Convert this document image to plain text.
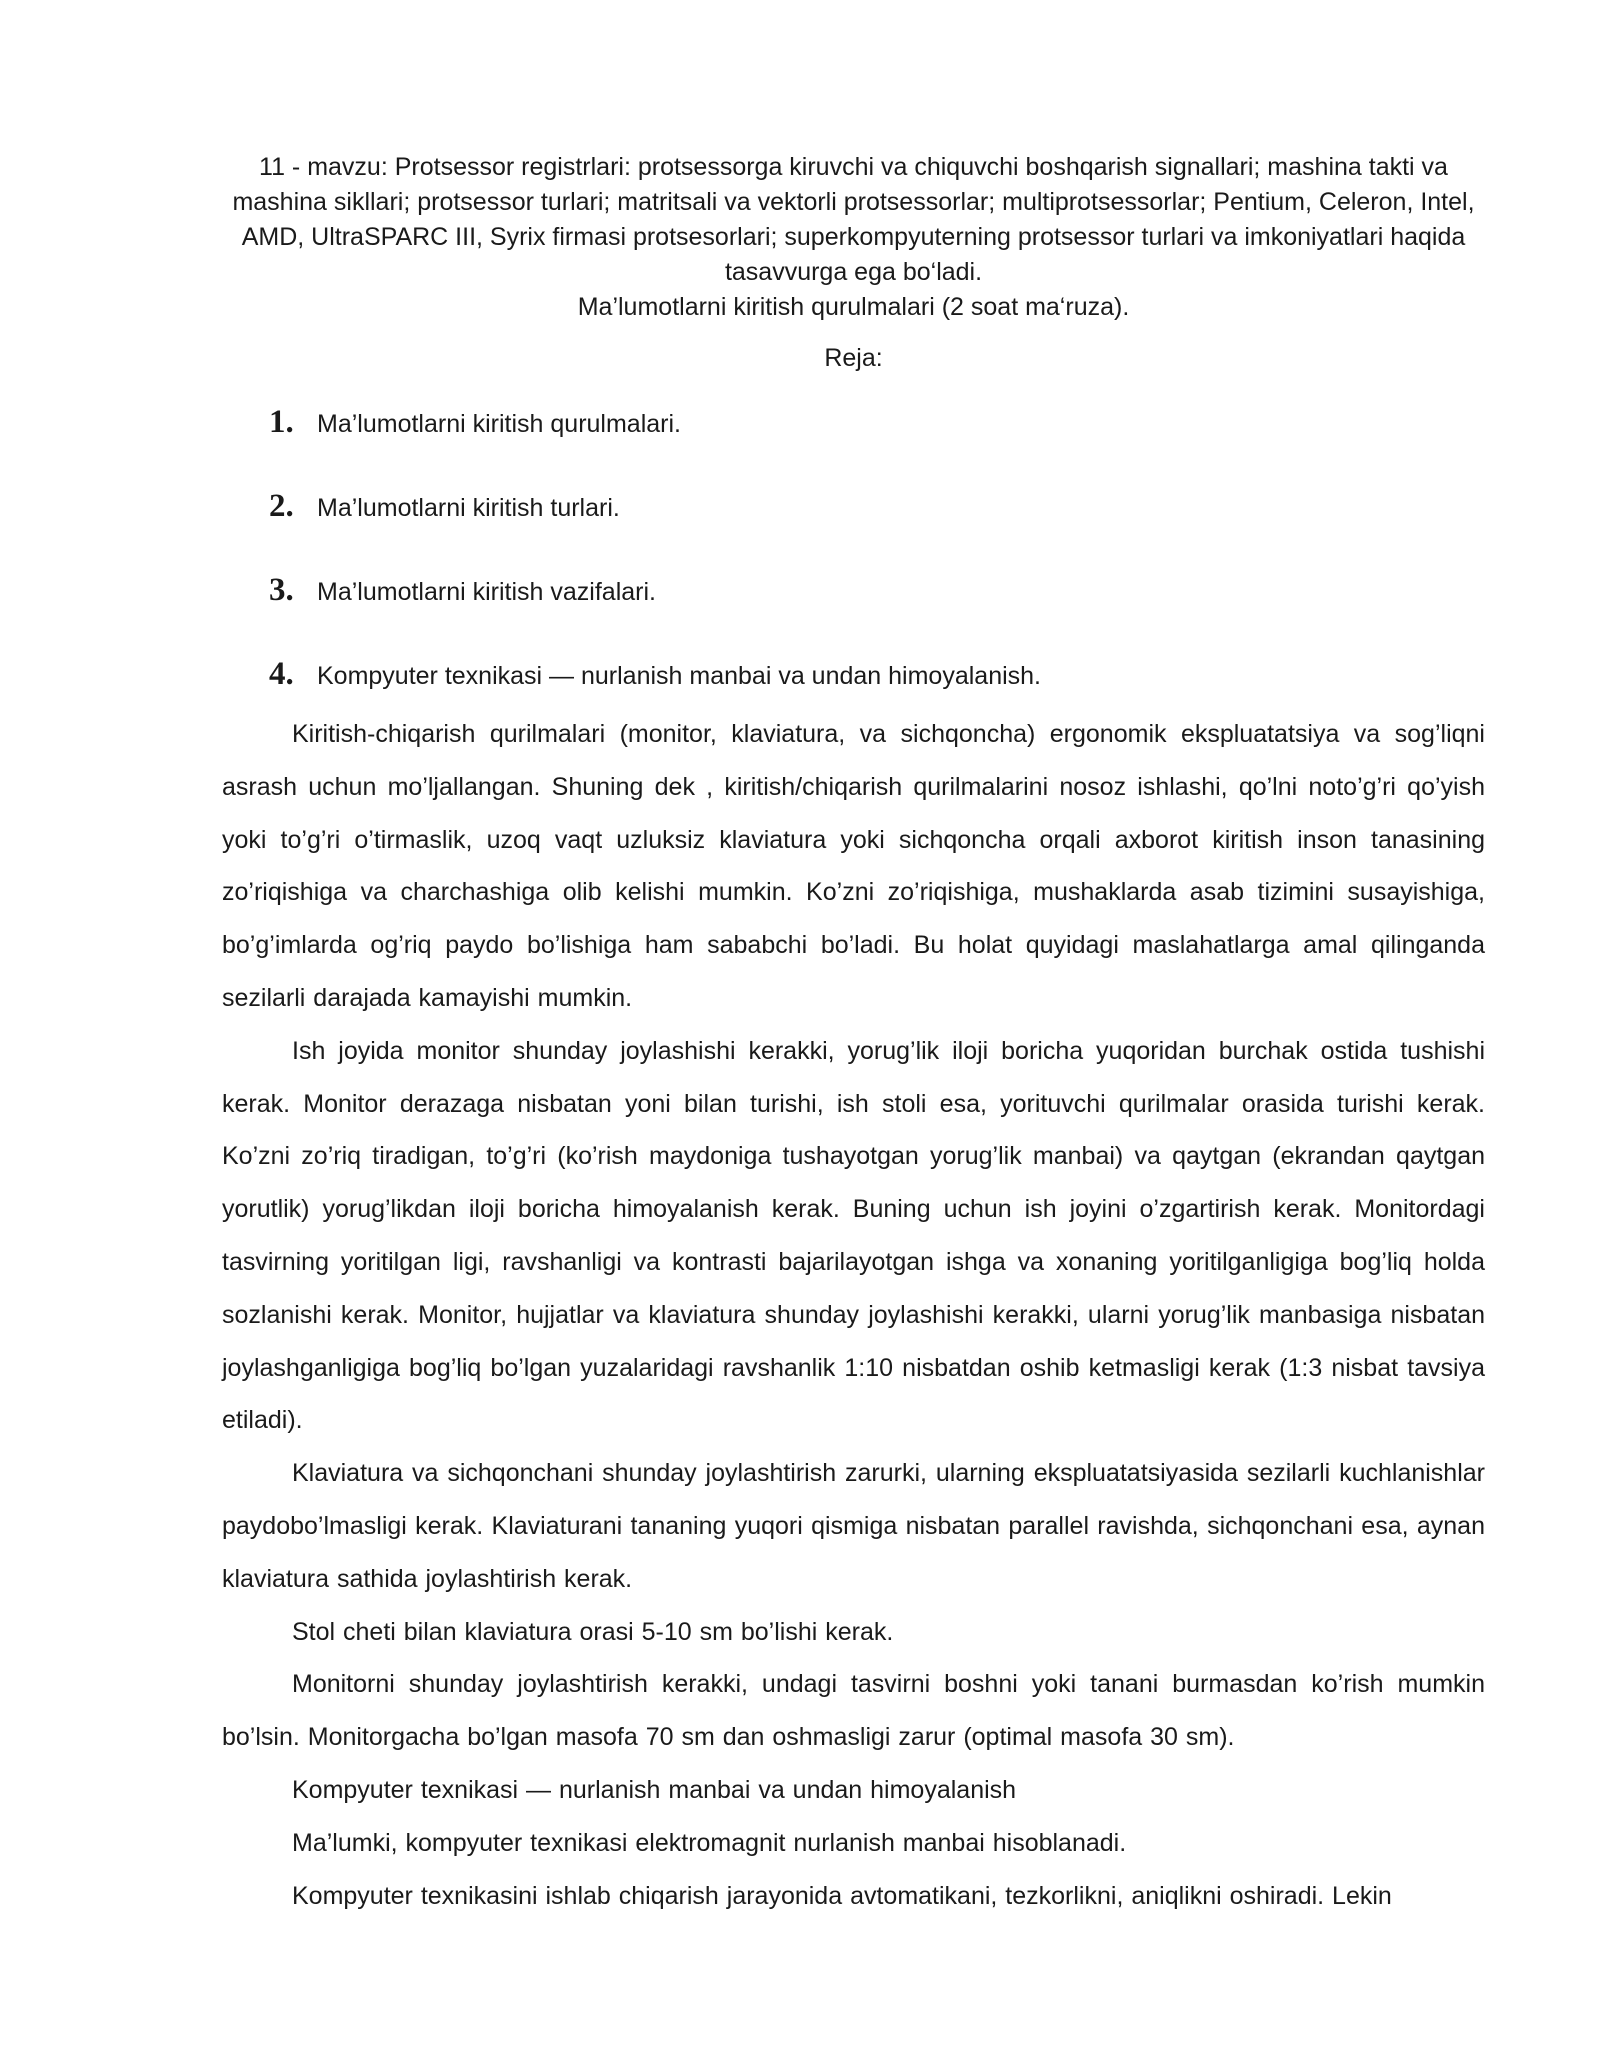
11 - mavzu: Protsessor registrlari: protsessorga kiruvchi va chiquvchi boshqarish signallari; mashina takti va mashina sikllari; protsessor turlari; matritsali va vektorli protsessorlar; multiprotsessorlar; Pentium, Celeron, Intel, AMD, UltraSPARC III, Syrix firmasi protsesorlari; superkompyuterning protsessor turlari va imkoniyatlari haqida tasavvurga ega bo‘ladi.

Ma’lumotlarni kiritish qurulmalari (2 soat ma‘ruza).

Reja:

1. Ma’lumotlarni kiritish qurulmalari.
2. Ma’lumotlarni kiritish turlari.
3. Ma’lumotlarni kiritish vazifalari.
4. Kompyuter texnikasi — nurlanish manbai va undan himoyalanish.

Kiritish-chiqarish qurilmalari (monitor, klaviatura, va sichqoncha) ergonomik ekspluatatsiya va sog’liqni asrash uchun mo’ljallangan. Shuning dek , kiritish/chiqarish qurilmalarini nosoz ishlashi, qo’lni noto’g’ri qo’yish yoki to’g’ri o’tirmaslik, uzoq vaqt uzluksiz klaviatura yoki sichqoncha orqali axborot kiritish inson tanasining zo’riqishiga va charchashiga olib kelishi mumkin. Ko’zni zo’riqishiga, mushaklarda asab tizimini susayishiga, bo’g’imlarda og’riq paydo bo’lishiga ham sababchi bo’ladi. Bu holat quyidagi maslahatlarga amal qilinganda sezilarli darajada kamayishi mumkin.

Ish joyida monitor shunday joylashishi kerakki, yorug’lik iloji boricha yuqoridan burchak ostida tushishi kerak. Monitor derazaga nisbatan yoni bilan turishi, ish stoli esa, yorituvchi qurilmalar orasida turishi kerak. Ko’zni zo’riq tiradigan, to’g’ri (ko’rish maydoniga tushayotgan yorug’lik manbai) va qaytgan (ekrandan qaytgan yorutlik) yorug’likdan iloji boricha himoyalanish kerak. Buning uchun ish joyini o’zgartirish kerak. Monitordagi tasvirning yoritilgan ligi, ravshanligi va kontrasti bajarilayotgan ishga va xonaning yoritilganligiga bog’liq holda sozlanishi kerak. Monitor, hujjatlar va klaviatura shunday joylashishi kerakki, ularni yorug’lik manbasiga nisbatan joylashganligiga bog’liq bo’lgan yuzalaridagi ravshanlik 1:10 nisbatdan oshib ketmasligi kerak (1:3 nisbat tavsiya etiladi).

Klaviatura va sichqonchani shunday joylashtirish zarurki, ularning ekspluatatsiyasida sezilarli kuchlanishlar paydobo’lmasligi kerak. Klaviaturani tananing yuqori qismiga nisbatan parallel ravishda, sichqonchani esa, aynan klaviatura sathida joylashtirish kerak.

Stol cheti bilan klaviatura orasi 5-10 sm bo’lishi kerak.

Monitorni shunday joylashtirish kerakki, undagi tasvirni boshni yoki tanani burmasdan ko’rish mumkin bo’lsin. Monitorgacha bo’lgan masofa 70 sm dan oshmasligi zarur (optimal masofa 30 sm).

Kompyuter texnikasi — nurlanish manbai va undan himoyalanish

Ma’lumki, kompyuter texnikasi elektromagnit nurlanish manbai hisoblanadi.

Kompyuter texnikasini ishlab chiqarish jarayonida avtomatikani, tezkorlikni, aniqlikni oshiradi. Lekin
